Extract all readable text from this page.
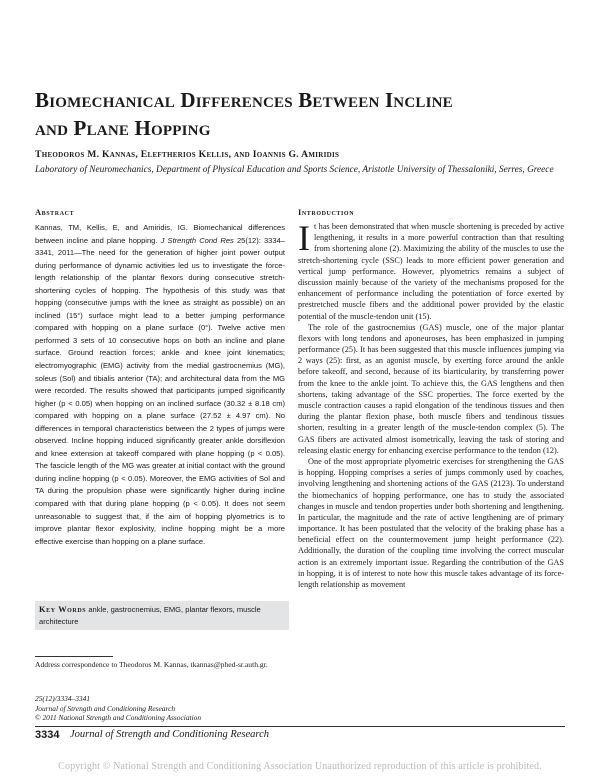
Biomechanical Differences Between Incline
and Plane Hopping
Theodoros M. Kannas, Eleftherios Kellis, and Ioannis G. Amiridis
Laboratory of Neuromechanics, Department of Physical Education and Sports Science, Aristotle University of Thessaloniki, Serres, Greece
Abstract

Kannas, TM, Kellis, E, and Amiridis, IG. Biomechanical differences between incline and plane hopping. J Strength Cond Res 25(12): 3334–3341, 2011—The need for the generation of higher joint power output during performance of dynamic activities led us to investigate the force-length relationship of the plantar flexors during consecutive stretch-shortening cycles of hopping. The hypothesis of this study was that hopping (consecutive jumps with the knee as straight as possible) on an inclined (15°) surface might lead to a better jumping performance compared with hopping on a plane surface (0°). Twelve active men performed 3 sets of 10 consecutive hops on both an incline and plane surface. Ground reaction forces; ankle and knee joint kinematics; electromyographic (EMG) activity from the medial gastrocnemius (MG), soleus (Sol) and tibialis anterior (TA); and architectural data from the MG were recorded. The results showed that participants jumped significantly higher (p < 0.05) when hopping on an inclined surface (30.32 ± 8.18 cm) compared with hopping on a plane surface (27.52 ± 4.97 cm). No differences in temporal characteristics between the 2 types of jumps were observed. Incline hopping induced significantly greater ankle dorsiflexion and knee extension at takeoff compared with plane hopping (p < 0.05). The fascicle length of the MG was greater at initial contact with the ground during incline hopping (p < 0.05). Moreover, the EMG activities of Sol and TA during the propulsion phase were significantly higher during incline compared with that during plane hopping (p < 0.05). It does not seem unreasonable to suggest that, if the aim of hopping plyometrics is to improve plantar flexor explosivity, incline hopping might be a more effective exercise than hopping on a plane surface.

Key Words ankle, gastrocnemius, EMG, plantar flexors, muscle architecture
Address correspondence to Theodoros M. Kannas, tkannas@phed-sr.auth.gr.
25(12)/3334–3341
Journal of Strength and Conditioning Research
© 2011 National Strength and Conditioning Association
Introduction

It has been demonstrated that when muscle shortening is preceded by active lengthening, it results in a more powerful contraction than that resulting from shortening alone (2). Maximizing the ability of the muscles to use the stretch-shortening cycle (SSC) leads to more efficient power generation and vertical jump performance. However, plyometrics remains a subject of discussion mainly because of the variety of the mechanisms proposed for the enhancement of performance including the potentiation of force exerted by prestretched muscle fibers and the additional power provided by the elastic potential of the muscle-tendon unit (15).

The role of the gastrocnemius (GAS) muscle, one of the major plantar flexors with long tendons and aponeuroses, has been emphasized in jumping performance (25). It has been suggested that this muscle influences jumping via 2 ways (25): first, as an agonist muscle, by exerting force around the ankle before takeoff, and second, because of its biarticularity, by transferring power from the knee to the ankle joint. To achieve this, the GAS lengthens and then shortens, taking advantage of the SSC properties. The force exerted by the muscle contraction causes a rapid elongation of the tendinous tissues and then during the plantar flexion phase, both muscle fibers and tendinous tissues shorten, resulting in a greater length of the muscle-tendon complex (5). The GAS fibers are activated almost isometrically, leaving the task of storing and releasing elastic energy for enhancing exercise performance to the tendon (12).

One of the most appropriate plyometric exercises for strengthening the GAS is hopping. Hopping comprises a series of jumps commonly used by coaches, involving lengthening and shortening actions of the GAS (2123). To understand the biomechanics of hopping performance, one has to study the associated changes in muscle and tendon properties under both shortening and lengthening. In particular, the magnitude and the rate of active lengthening are of primary importance. It has been postulated that the velocity of the braking phase has a beneficial effect on the countermovement jump height performance (22). Additionally, the duration of the coupling time involving the correct muscular action is an extremely important issue. Regarding the contribution of the GAS in hopping, it is of interest to note how this muscle takes advantage of its force-length relationship as movement

3334 Journal of Strength and Conditioning Research
Copyright © National Strength and Conditioning Association Unauthorized reproduction of this article is prohibited.
